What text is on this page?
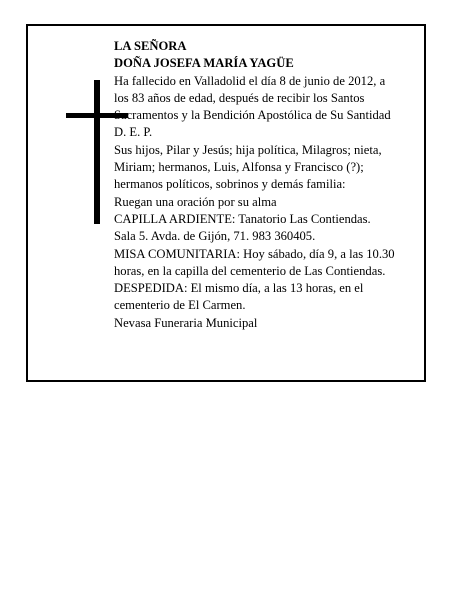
LA SEÑORA
DOÑA JOSEFA MARÍA YAGÜE
Ha fallecido en Valladolid el día 8 de junio de 2012, a
los 83 años de edad, después de recibir los Santos
Sacramentos y la Bendición Apostólica de Su Santidad
D. E. P.
Sus hijos, Pilar y Jesús; hija política, Milagros; nieta,
Miriam; hermanos, Luis, Alfonsa y Francisco (?);
hermanos políticos, sobrinos y demás familia:
Ruegan una oración por su alma
CAPILLA ARDIENTE: Tanatorio Las Contiendas.
Sala 5. Avda. de Gijón, 71. 983 360405.
MISA COMUNITARIA: Hoy sábado, día 9, a las 10.30
horas, en la capilla del cementerio de Las Contiendas.
DESPEDIDA: El mismo día, a las 13 horas, en el
cementerio de El Carmen.
Nevasa Funeraria Municipal
